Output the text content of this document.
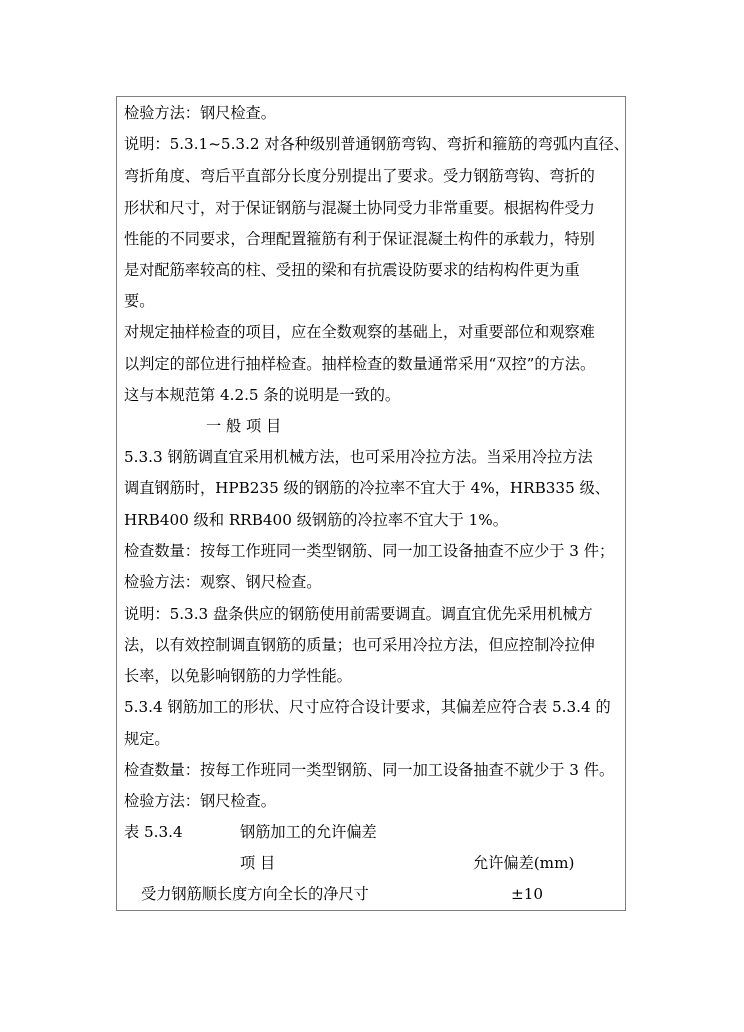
检验方法：钢尺检查。
说明：5.3.1~5.3.2 对各种级别普通钢筋弯钩、弯折和箍筋的弯弧内直径、
弯折角度、弯后平直部分长度分别提出了要求。受力钢筋弯钩、弯折的
形状和尺寸，对于保证钢筋与混凝土协同受力非常重要。根据构件受力
性能的不同要求，合理配置箍筋有利于保证混凝土构件的承载力，特别
是对配筋率较高的柱、受扭的梁和有抗震设防要求的结构构件更为重
要。
对规定抽样检查的项目，应在全数观察的基础上，对重要部位和观察难
以判定的部位进行抽样检查。抽样检查的数量通常采用“双控”的方法。
这与本规范第 4.2.5 条的说明是一致的。
一 般 项 目
5.3.3 钢筋调直宜采用机械方法，也可采用冷拉方法。当采用冷拉方法
调直钢筋时，HPB235 级的钢筋的冷拉率不宜大于 4%，HRB335 级、
HRB400 级和 RRB400 级钢筋的冷拉率不宜大于 1%。
检查数量：按每工作班同一类型钢筋、同一加工设备抽查不应少于 3 件；
检验方法：观察、钢尺检查。
说明：5.3.3 盘条供应的钢筋使用前需要调直。调直宜优先采用机械方
法，以有效控制调直钢筋的质量；也可采用冷拉方法，但应控制冷拉伸
长率，以免影响钢筋的力学性能。
5.3.4 钢筋加工的形状、尺寸应符合设计要求，其偏差应符合表 5.3.4 的
规定。
检查数量：按每工作班同一类型钢筋、同一加工设备抽查不就少于 3 件。
检验方法：钢尺检查。
表 5.3.4	钢筋加工的允许偏差
项 目	允许偏差(mm)
受力钢筋顺长度方向全长的净尺寸	±10
